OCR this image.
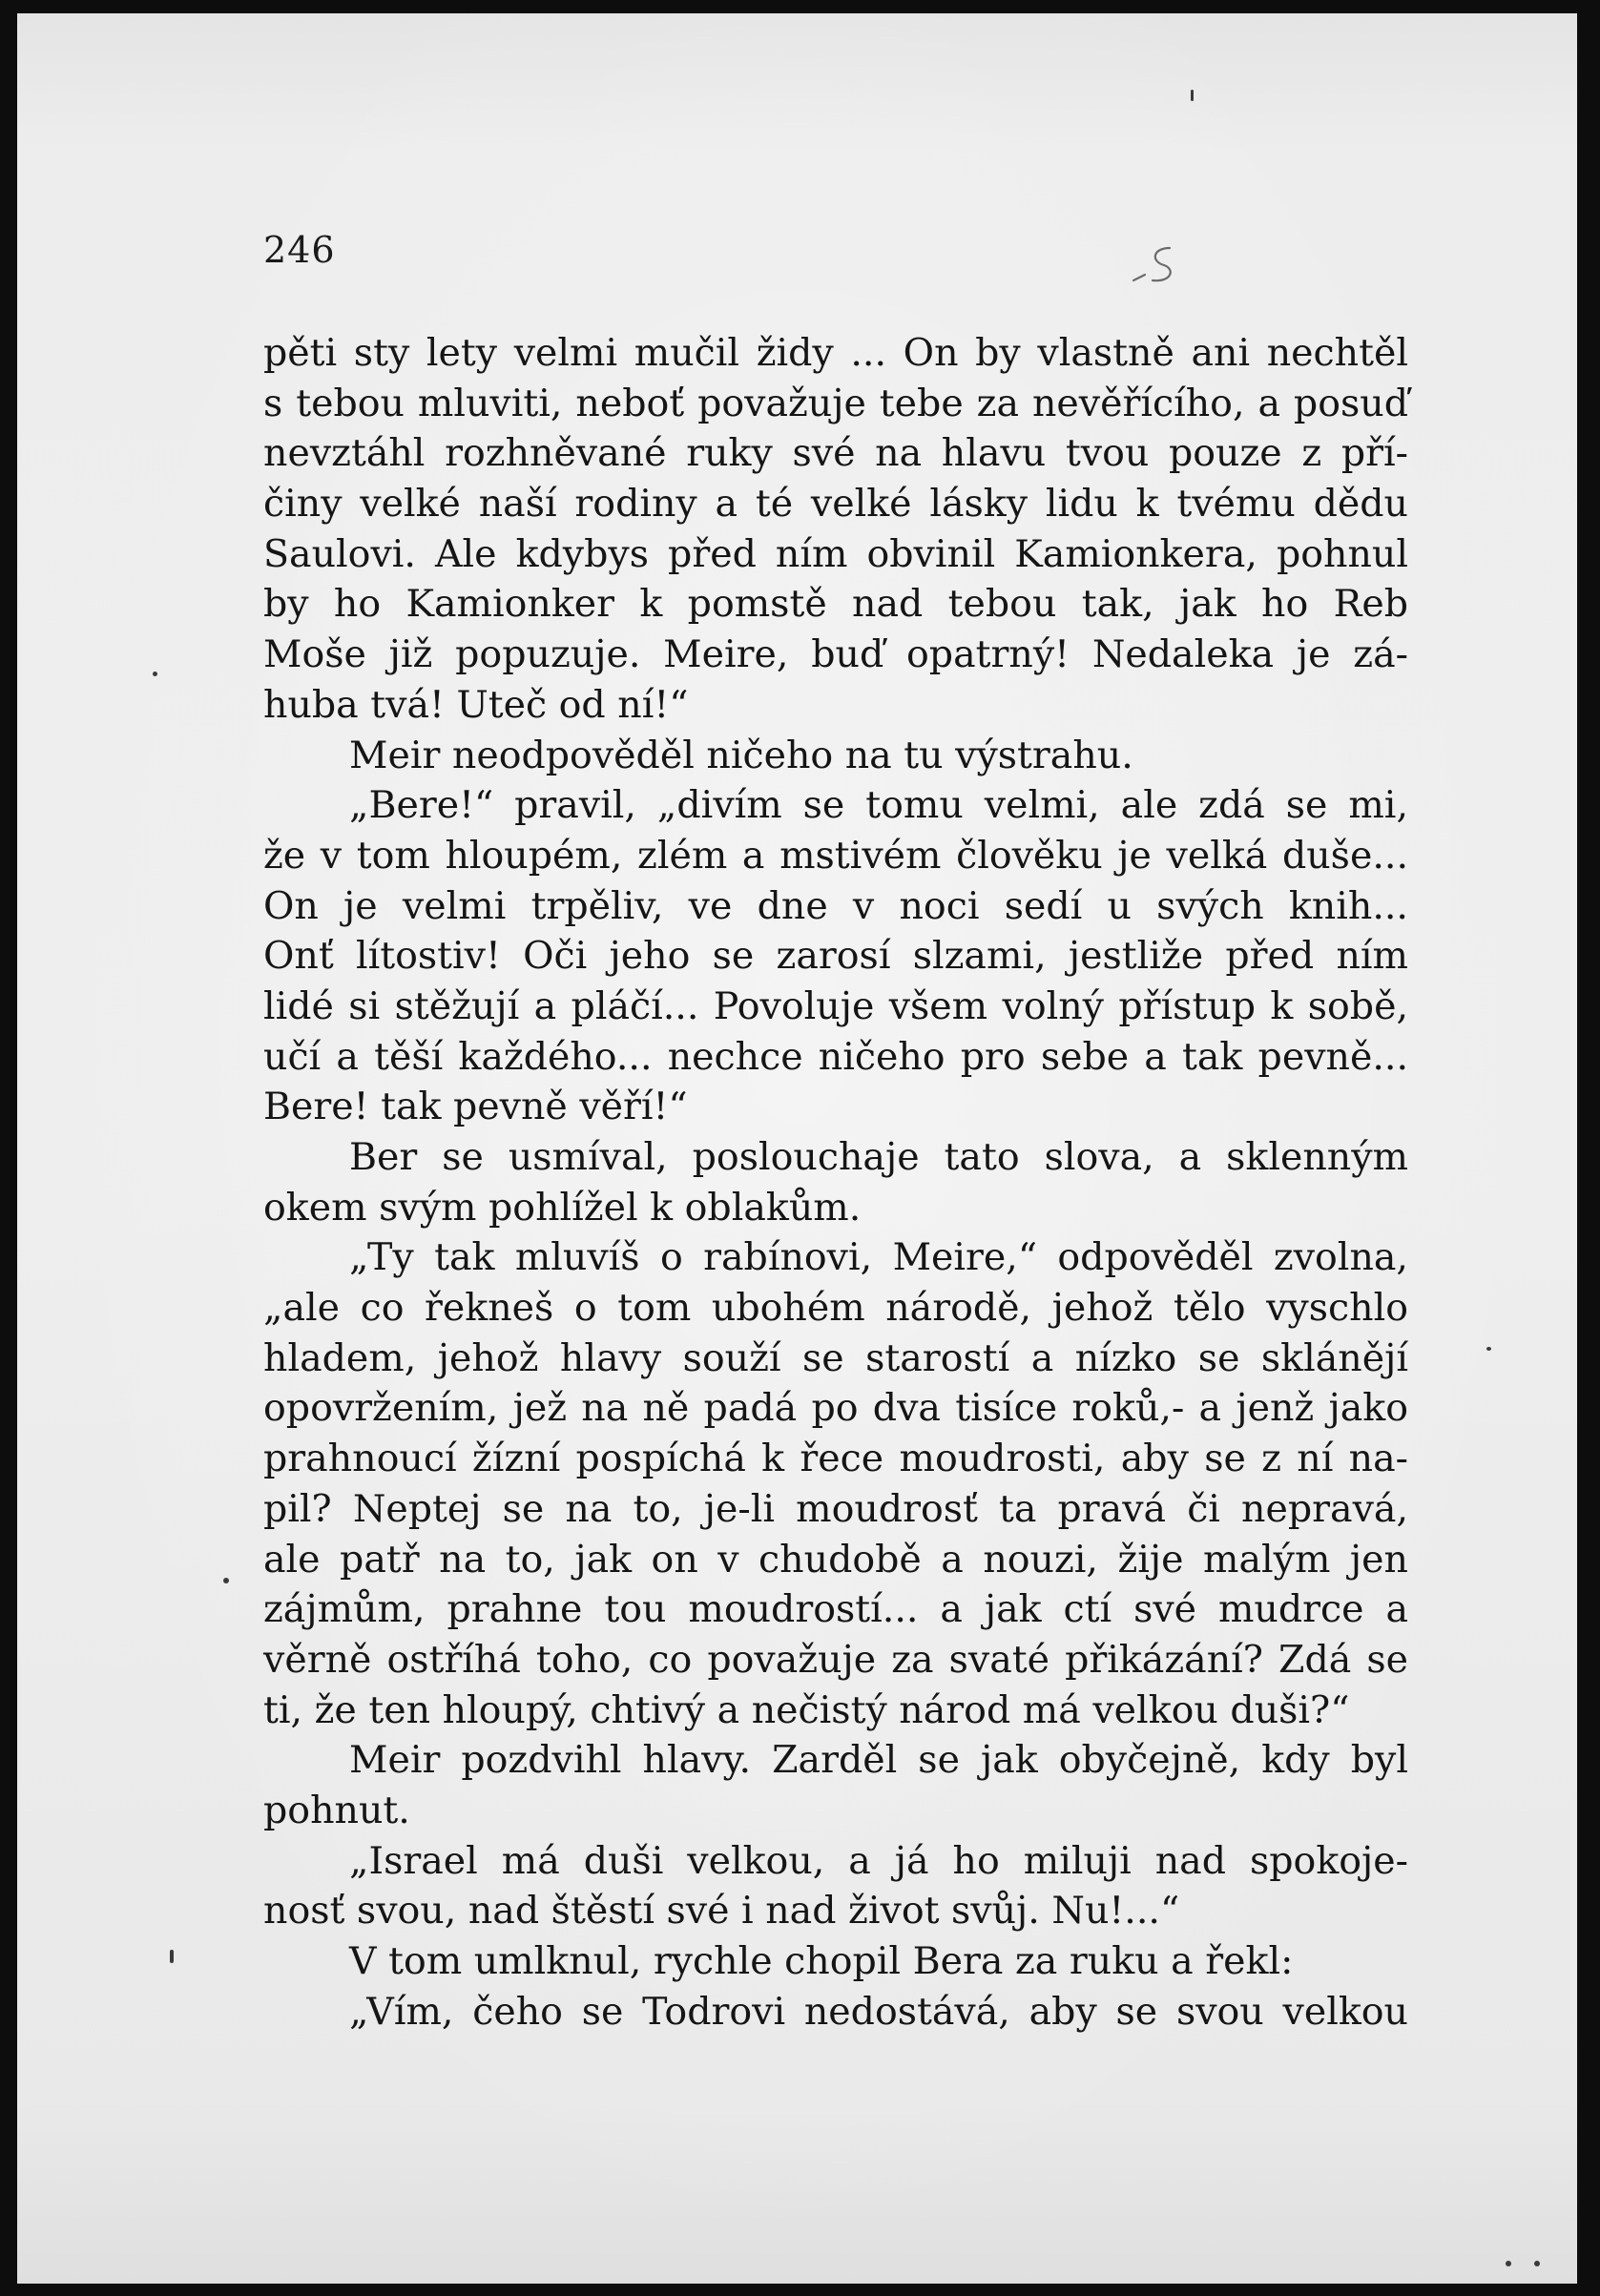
246
pěti sty lety velmi mučil židy ... On by vlastně ani nechtěl
s tebou mluviti, neboť považuje tebe za nevěřícího, a posuď
nevztáhl rozhněvané ruky své na hlavu tvou pouze z pří-
činy velké naší rodiny a té velké lásky lidu k tvému dědu
Saulovi. Ale kdybys před ním obvinil Kamionkera, pohnul
by ho Kamionker k pomstě nad tebou tak, jak ho Reb
Moše již popuzuje. Meire, buď opatrný! Nedaleka je zá-
huba tvá! Uteč od ní!“
Meir neodpověděl ničeho na tu výstrahu.
„Bere!“ pravil, „divím se tomu velmi, ale zdá se mi,
že v tom hloupém, zlém a mstivém člověku je velká duše...
On je velmi trpěliv, ve dne v noci sedí u svých knih...
Onť lítostiv! Oči jeho se zarosí slzami, jestliže před ním
lidé si stěžují a pláčí... Povoluje všem volný přístup k sobě,
učí a těší každého... nechce ničeho pro sebe a tak pevně...
Bere! tak pevně věří!“
Ber se usmíval, poslouchaje tato slova, a sklenným
okem svým pohlížel k oblakům.
„Ty tak mluvíš o rabínovi, Meire,“ odpověděl zvolna,
„ale co řekneš o tom ubohém národě, jehož tělo vyschlo
hladem, jehož hlavy souží se starostí a nízko se sklánějí
opovržením, jež na ně padá po dva tisíce roků,- a jenž jako
prahnoucí žízní pospíchá k řece moudrosti, aby se z ní na-
pil? Neptej se na to, je-li moudrosť ta pravá či nepravá,
ale patř na to, jak on v chudobě a nouzi, žije malým jen
zájmům, prahne tou moudrostí... a jak ctí své mudrce a
věrně ostříhá toho, co považuje za svaté přikázání? Zdá se
ti, že ten hloupý, chtivý a nečistý národ má velkou duši?“
Meir pozdvihl hlavy. Zarděl se jak obyčejně, kdy byl
pohnut.
„Israel má duši velkou, a já ho miluji nad spokoje-
nosť svou, nad štěstí své i nad život svůj. Nu!...“
V tom umlknul, rychle chopil Bera za ruku a řekl:
„Vím, čeho se Todrovi nedostává, aby se svou velkou
